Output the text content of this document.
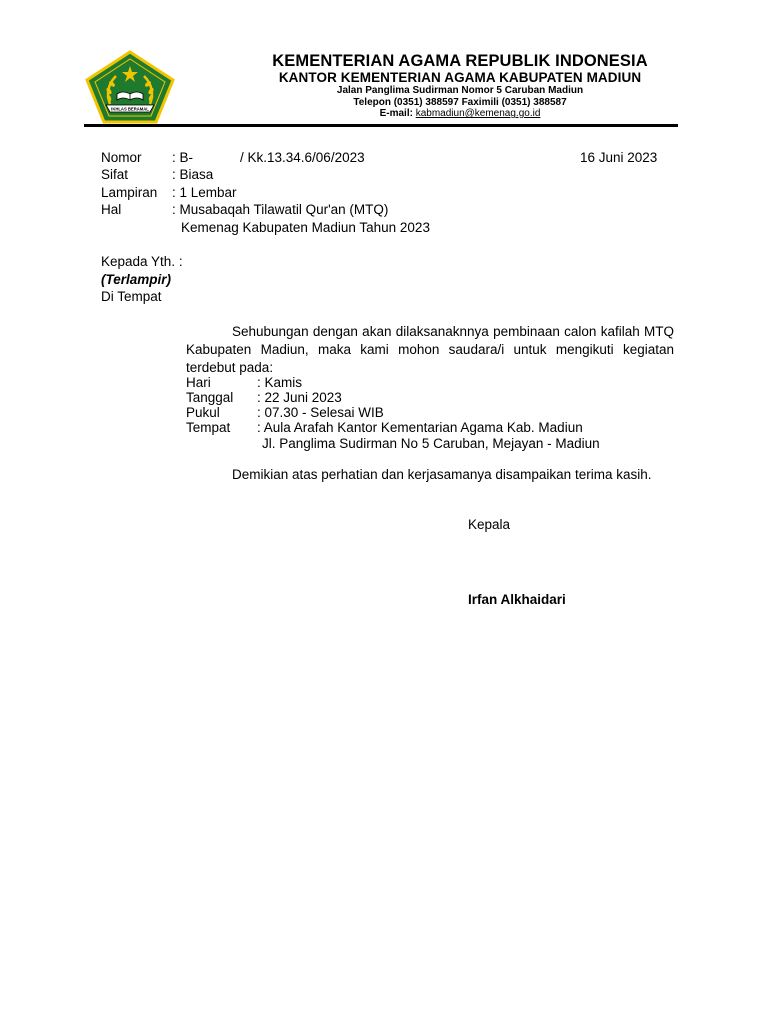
IKHLAS BERAMAL
KEMENTERIAN AGAMA REPUBLIK INDONESIA
KANTOR KEMENTERIAN AGAMA KABUPATEN MADIUN
Jalan Panglima Sudirman Nomor 5 Caruban Madiun
Telepon (0351) 388597 Faximili (0351) 388587
E-mail: kabmadiun@kemenag.go.id
Nomor : B-	/ Kk.13.34.6/06/2023	16 Juni 2023
Sifat	: Biasa
Lampiran : 1 Lembar
Hal	: Musabaqah Tilawatil Qur'an (MTQ)
Kemenag Kabupaten Madiun Tahun 2023
Kepada Yth. :
(Terlampir)
Di Tempat
Sehubungan dengan akan dilaksanaknnya pembinaan calon kafilah MTQ Kabupaten Madiun, maka kami mohon saudara/i untuk mengikuti kegiatan terdebut pada:
Hari	: Kamis
Tanggal : 22 Juni 2023
Pukul	: 07.30 - Selesai WIB
Tempat : Aula Arafah Kantor Kementarian Agama Kab. Madiun
Jl. Panglima Sudirman No 5 Caruban, Mejayan - Madiun
Demikian atas perhatian dan kerjasamanya disampaikan terima kasih.
Kepala
Irfan Alkhaidari
